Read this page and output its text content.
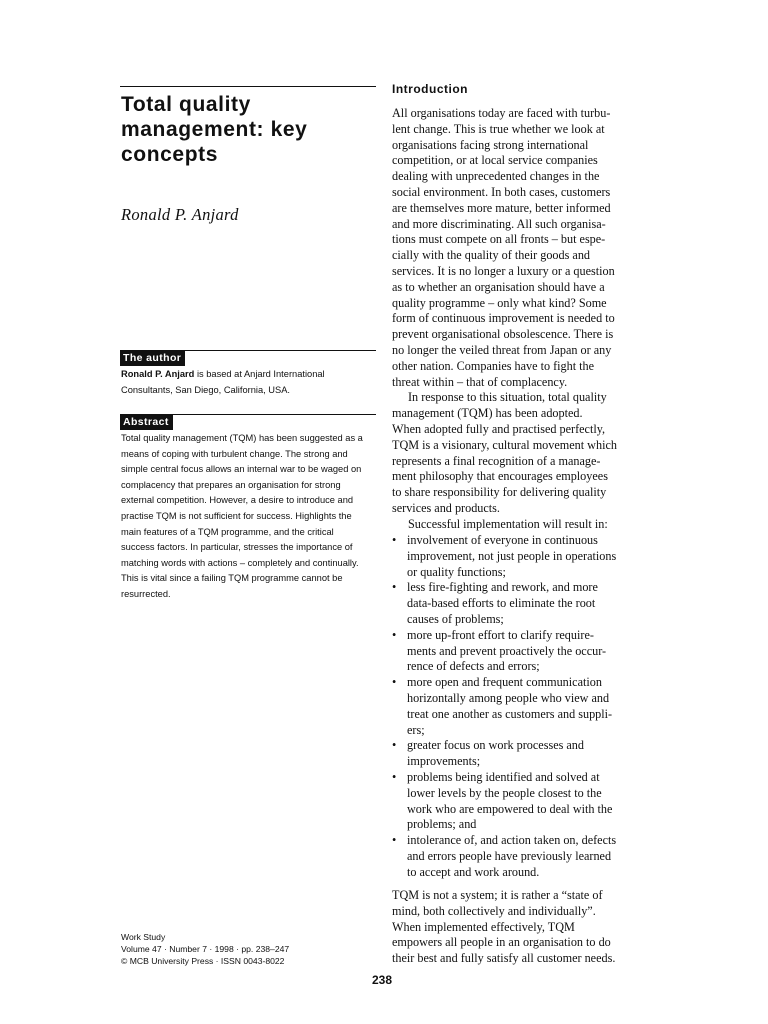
Total quality
management: key
concepts

Ronald P. Anjard

The author

Ronald P. Anjard is based at Anjard International
Consultants, San Diego, California, USA.

Abstract

Total quality management (TQM) has been suggested as a
means of coping with turbulent change. The strong and
simple central focus allows an internal war to be waged on
complacency that prepares an organisation for strong
external competition. However, a desire to introduce and
practise TQM is not sufficient for success. Highlights the
main features of a TQM programme, and the critical
success factors. In particular, stresses the importance of
matching words with actions – completely and continually.
This is vital since a failing TQM programme cannot be
resurrected.

Work Study
Volume 47 · Number 7 · 1998 · pp. 238–247
© MCB University Press · ISSN 0043-8022

Introduction

All organisations today are faced with turbu-
lent change. This is true whether we look at
organisations facing strong international
competition, or at local service companies
dealing with unprecedented changes in the
social environment. In both cases, customers
are themselves more mature, better informed
and more discriminating. All such organisa-
tions must compete on all fronts – but espe-
cially with the quality of their goods and
services. It is no longer a luxury or a question
as to whether an organisation should have a
quality programme – only what kind? Some
form of continuous improvement is needed to
prevent organisational obsolescence. There is
no longer the veiled threat from Japan or any
other nation. Companies have to fight the
threat within – that of complacency.
In response to this situation, total quality
management (TQM) has been adopted.
When adopted fully and practised perfectly,
TQM is a visionary, cultural movement which
represents a final recognition of a manage-
ment philosophy that encourages employees
to share responsibility for delivering quality
services and products.
Successful implementation will result in:

• involvement of everyone in continuous
improvement, not just people in operations
or quality functions;
• less fire-fighting and rework, and more
data-based efforts to eliminate the root
causes of problems;
• more up-front effort to clarify require-
ments and prevent proactively the occur-
rence of defects and errors;
• more open and frequent communication
horizontally among people who view and
treat one another as customers and suppli-
ers;
• greater focus on work processes and
improvements;
• problems being identified and solved at
lower levels by the people closest to the
work who are empowered to deal with the
problems; and
• intolerance of, and action taken on, defects
and errors people have previously learned
to accept and work around.

TQM is not a system; it is rather a “state of
mind, both collectively and individually”.
When implemented effectively, TQM
empowers all people in an organisation to do
their best and fully satisfy all customer needs.

238
